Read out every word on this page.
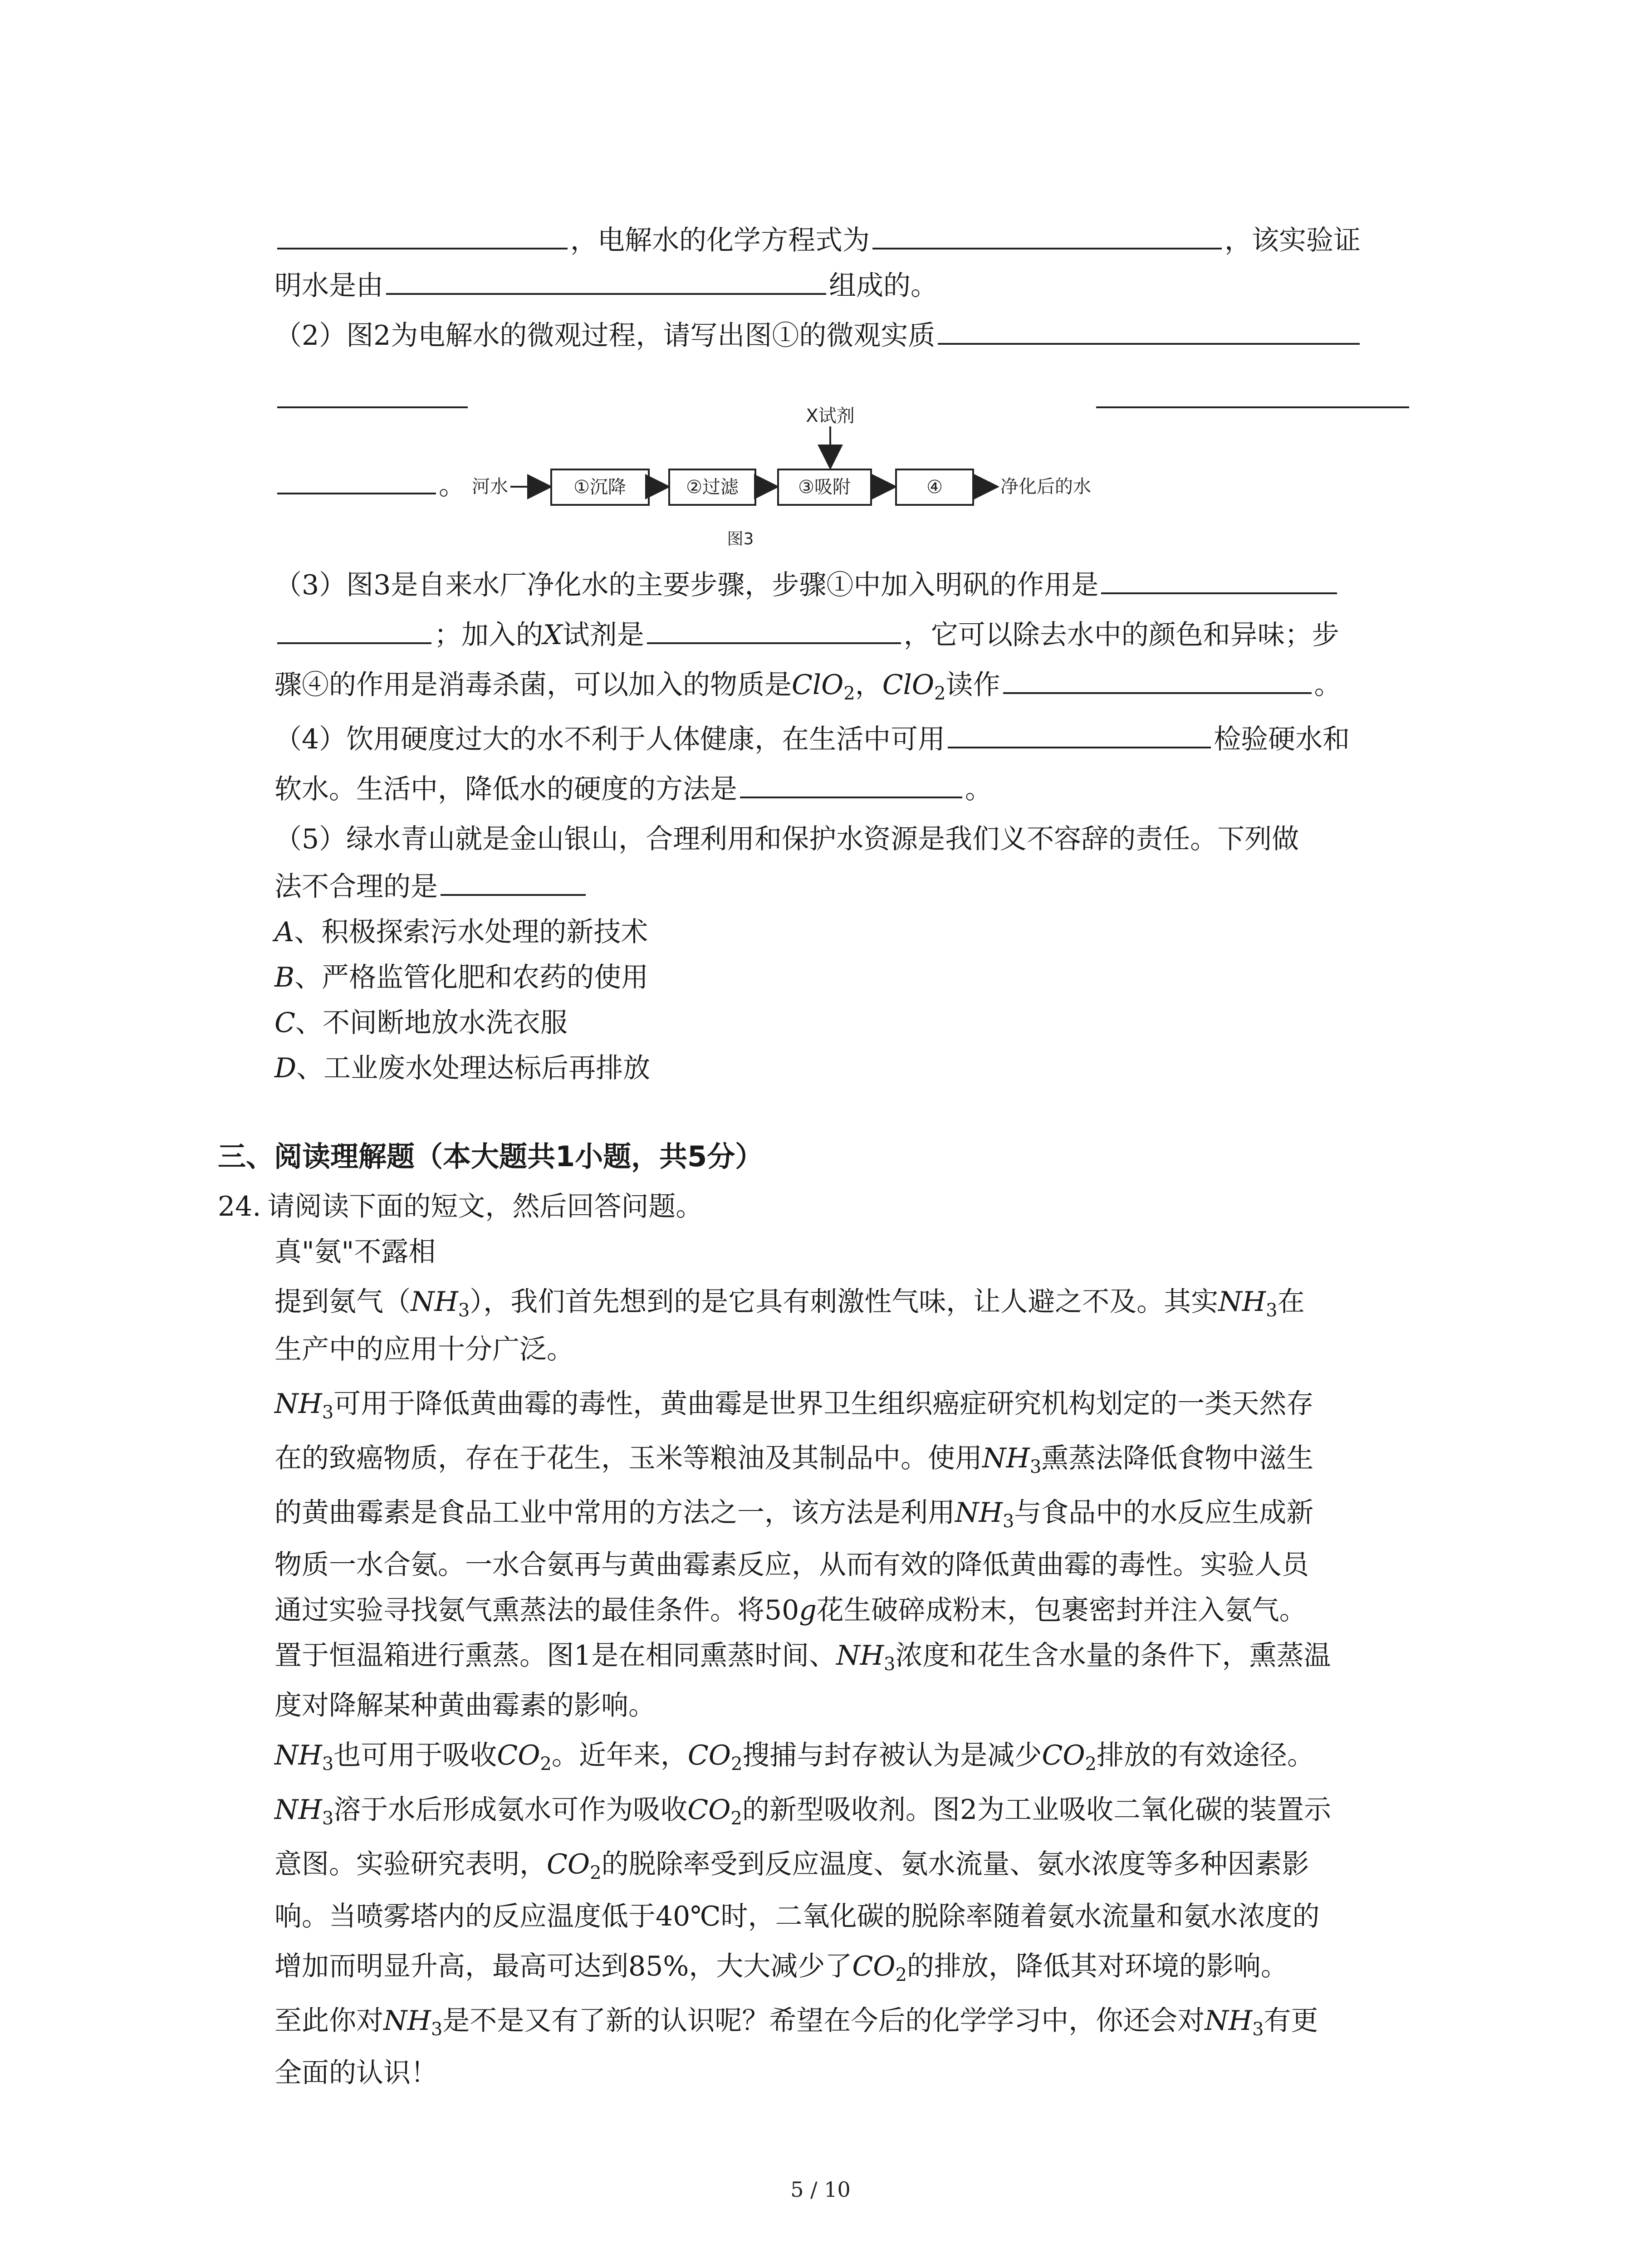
，电解水的化学方程式为	，该实验证
明水是由	组成的。
（2）图2为电解水的微观过程，请写出图①的微观实质
。
X试剂
河水	①沉降	②过滤	③吸附	④	净化后的水
图3
（3）图3是自来水厂净化水的主要步骤，步骤①中加入明矾的作用是
；加入的X试剂是	，它可以除去水中的颜色和异味；步
骤④的作用是消毒杀菌，可以加入的物质是ClO$_2$，ClO$_2$读作	。
（4）饮用硬度过大的水不利于人体健康，在生活中可用	检验硬水和
软水。生活中，降低水的硬度的方法是	。
（5）绿水青山就是金山银山，合理利用和保护水资源是我们义不容辞的责任。下列做
法不合理的是
A、积极探索污水处理的新技术
B、严格监管化肥和农药的使用
C、不间断地放水洗衣服
D、工业废水处理达标后再排放
三、阅读理解题（本大题共1小题，共5分）
24. 请阅读下面的短文，然后回答问题。
真"氨"不露相
提到氨气$(NH_3)$，我们首先想到的是它具有刺激性气味，让人避之不及。其实$NH_3$在
生产中的应用十分广泛。
$NH_3$可用于降低黄曲霉的毒性，黄曲霉是世界卫生组织癌症研究机构划定的一类天然存
在的致癌物质，存在于花生，玉米等粮油及其制品中。使用$NH_3$熏蒸法降低食物中滋生
的黄曲霉素是食品工业中常用的方法之一，该方法是利用$NH_3$与食品中的水反应生成新
物质一水合氨。一水合氨再与黄曲霉素反应，从而有效的降低黄曲霉的毒性。实验人员
通过实验寻找氨气熏蒸法的最佳条件。将50g花生破碎成粉末，包裹密封并注入氨气。
置于恒温箱进行熏蒸。图1是在相同熏蒸时间、$NH_3$浓度和花生含水量的条件下，熏蒸温
度对降解某种黄曲霉素的影响。
$NH_3$也可用于吸收$CO_2$。近年来，$CO_2$搜捕与封存被认为是减少$CO_2$排放的有效途径。
$NH_3$溶于水后形成氨水可作为吸收$CO_2$的新型吸收剂。图2为工业吸收二氧化碳的装置示
意图。实验研究表明，$CO_2$的脱除率受到反应温度、氨水流量、氨水浓度等多种因素影
响。当喷雾塔内的反应温度低于40℃时，二氧化碳的脱除率随着氨水流量和氨水浓度的
增加而明显升高，最高可达到85%，大大减少了$CO_2$的排放，降低其对环境的影响。
至此你对$NH_3$是不是又有了新的认识呢？希望在今后的化学学习中，你还会对$NH_3$有更
全面的认识！
5 / 10
